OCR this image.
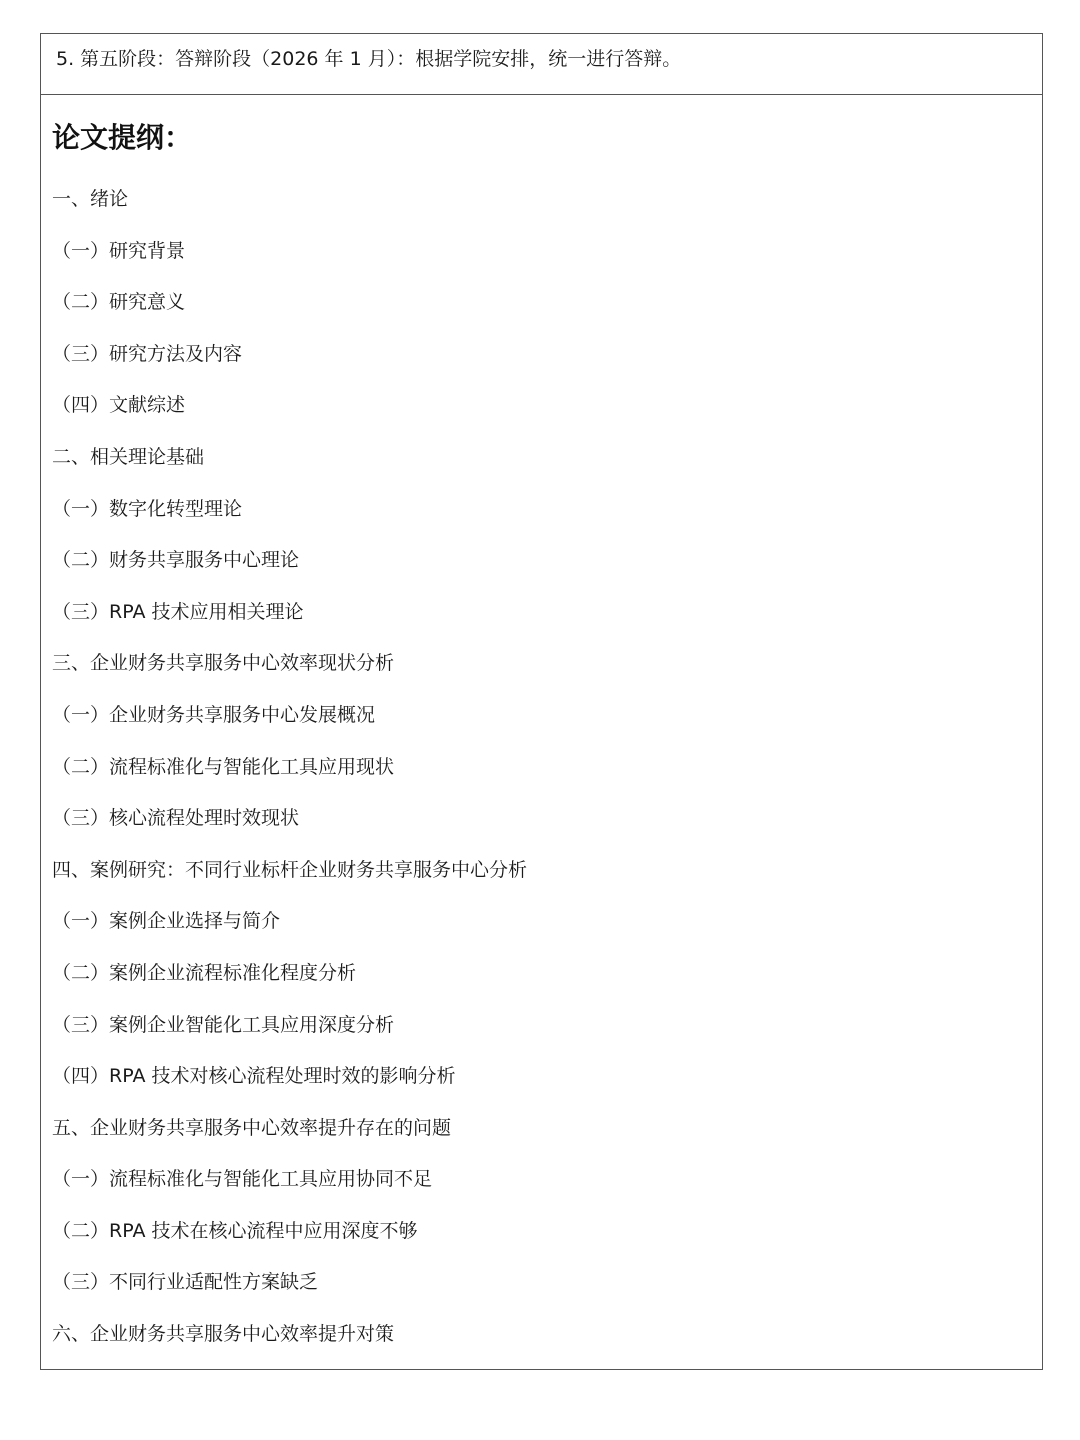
5. 第五阶段：答辩阶段（2026 年 1 月）：根据学院安排，统一进行答辩。
论文提纲：
一、绪论
（一）研究背景
（二）研究意义
（三）研究方法及内容
（四）文献综述
二、相关理论基础
（一）数字化转型理论
（二）财务共享服务中心理论
（三）RPA 技术应用相关理论
三、企业财务共享服务中心效率现状分析
（一）企业财务共享服务中心发展概况
（二）流程标准化与智能化工具应用现状
（三）核心流程处理时效现状
四、案例研究：不同行业标杆企业财务共享服务中心分析
（一）案例企业选择与简介
（二）案例企业流程标准化程度分析
（三）案例企业智能化工具应用深度分析
（四）RPA 技术对核心流程处理时效的影响分析
五、企业财务共享服务中心效率提升存在的问题
（一）流程标准化与智能化工具应用协同不足
（二）RPA 技术在核心流程中应用深度不够
（三）不同行业适配性方案缺乏
六、企业财务共享服务中心效率提升对策
